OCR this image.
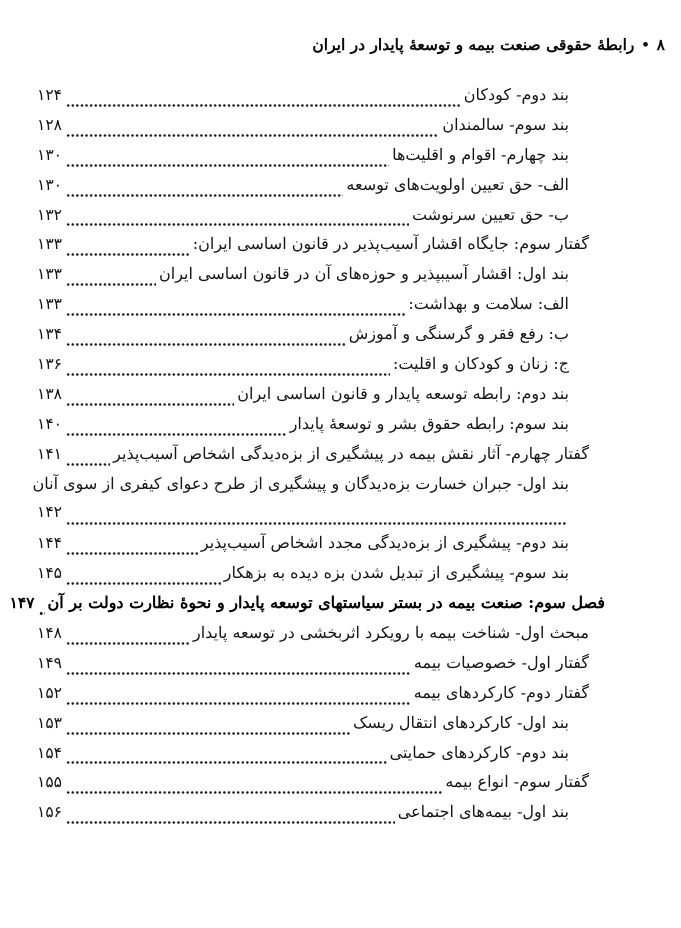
۸
•
رابطهٔ حقوقی صنعت بیمه و توسعهٔ پایدار در ایران
بند دوم- کودکان
۱۲۴
بند سوم- سالمندان
۱۲۸
بند چهارم- اقوام و اقلیت‌ها
۱۳۰
الف- حق تعیین اولویت‌های توسعه
۱۳۰
ب- حق تعیین سرنوشت
۱۳۲
گفتار سوم: جایگاه اقشار آسیب‌پذیر در قانون اساسی ایران:
۱۳۳
بند اول: اقشار آسیبپذیر و حوزه‌های آن در قانون اساسی ایران
۱۳۳
الف: سلامت و بهداشت:
۱۳۳
ب: رفع فقر و گرسنگی و آموزش
۱۳۴
ج: زنان و کودکان و اقلیت:
۱۳۶
بند دوم: رابطه توسعه پایدار و قانون اساسی ایران
۱۳۸
بند سوم: رابطه حقوق بشر و توسعهٔ پایدار
۱۴۰
گفتار چهارم- آثار نقش بیمه در پیشگیری از بزه‌دیدگی اشخاص آسیب‌پذیر
۱۴۱
بند اول- جبران خسارت بزه‌دیدگان و پیشگیری از طرح دعوای کیفری از سوی آنان
۱۴۲
بند دوم- پیشگیری از بزه‌دیدگی مجدد اشخاص آسیب‌پذیر
۱۴۴
بند سوم- پیشگیری از تبدیل شدن بزه دیده به بزهکار
۱۴۵
فصل سوم: صنعت بیمه در بستر سیاستهای توسعه پایدار و نحوهٔ نظارت دولت بر آن
۱۴۷
مبحث اول- شناخت بیمه با رویکرد اثربخشی در توسعه پایدار
۱۴۸
گفتار اول- خصوصیات بیمه
۱۴۹
گفتار دوم- کارکردهای بیمه
۱۵۲
بند اول- کارکردهای انتقال ریسک
۱۵۳
بند دوم- کارکردهای حمایتی
۱۵۴
گفتار سوم- انواع بیمه
۱۵۵
بند اول- بیمه‌های اجتماعی
۱۵۶
